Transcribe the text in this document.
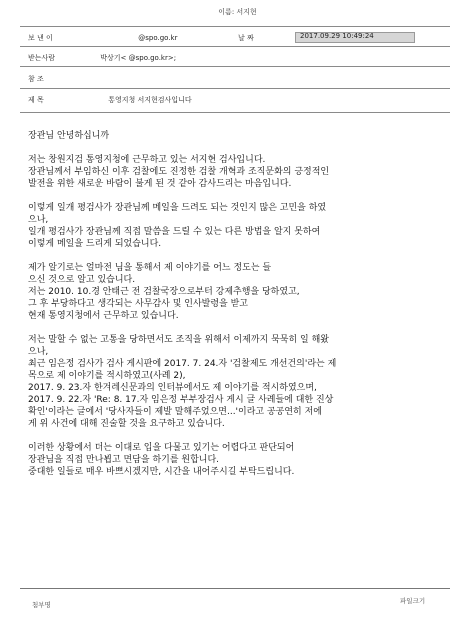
이름: 서지현
보 낸 이	@spo.go.kr	날 짜	2017.09.29 10:49:24
받는사람	박상기< @spo.go.kr>;
참 조
제 목	통영지청 서지현검사입니다
장관님 안녕하십니까
저는 창원지검 통영지청에 근무하고 있는 서지현 검사입니다.
장관님께서 부임하신 이후 검찰에도 진정한 검찰 개혁과 조직문화의 긍정적인
발전을 위한 새로운 바람이 불게 된 것 같아 감사드리는 마음입니다.
이렇게 일개 평검사가 장관님께 메일을 드려도 되는 것인지 많은 고민을 하였
으나,
일개 평검사가 장관님께 직접 말씀을 드릴 수 있는 다른 방법을 알지 못하여
이렇게 메일을 드리게 되었습니다.
제가 알기로는 얼마전 님을 통해서 제 이야기를 어느 정도는 들
으신 것으로 알고 있습니다.
저는 2010. 10.경 안태근 전 검찰국장으로부터 강제추행을 당하였고,
그 후 부당하다고 생각되는 사무감사 및 인사발령을 받고
현재 통영지청에서 근무하고 있습니다.
저는 말할 수 없는 고통을 당하면서도 조직을 위해서 이제까지 묵묵히 일 해왔
으나,
최근 임은정 검사가 검사 게시판에 2017. 7. 24.자 '검찰제도 개선건의'라는 제
목으로 제 이야기를 적시하였고(사례 2),
2017. 9. 23.자 한겨레신문과의 인터뷰에서도 제 이야기를 적시하였으며,
2017. 9. 22.자 'Re: 8. 17.자 임은정 부부장검사 게시 글 사례들에 대한 진상
확인'이라는 글에서 '당사자들이 제발 말해주었으면...'이라고 공공연히 저에
게 위 사건에 대해 진술할 것을 요구하고 있습니다.
이러한 상황에서 더는 이대로 입을 다물고 있기는 어렵다고 판단되어
장관님을 직접 만나뵙고 면담을 하기를 원합니다.
중대한 일들로 매우 바쁘시겠지만, 시간을 내어주시길 부탁드립니다.
첨부명	파일크기
